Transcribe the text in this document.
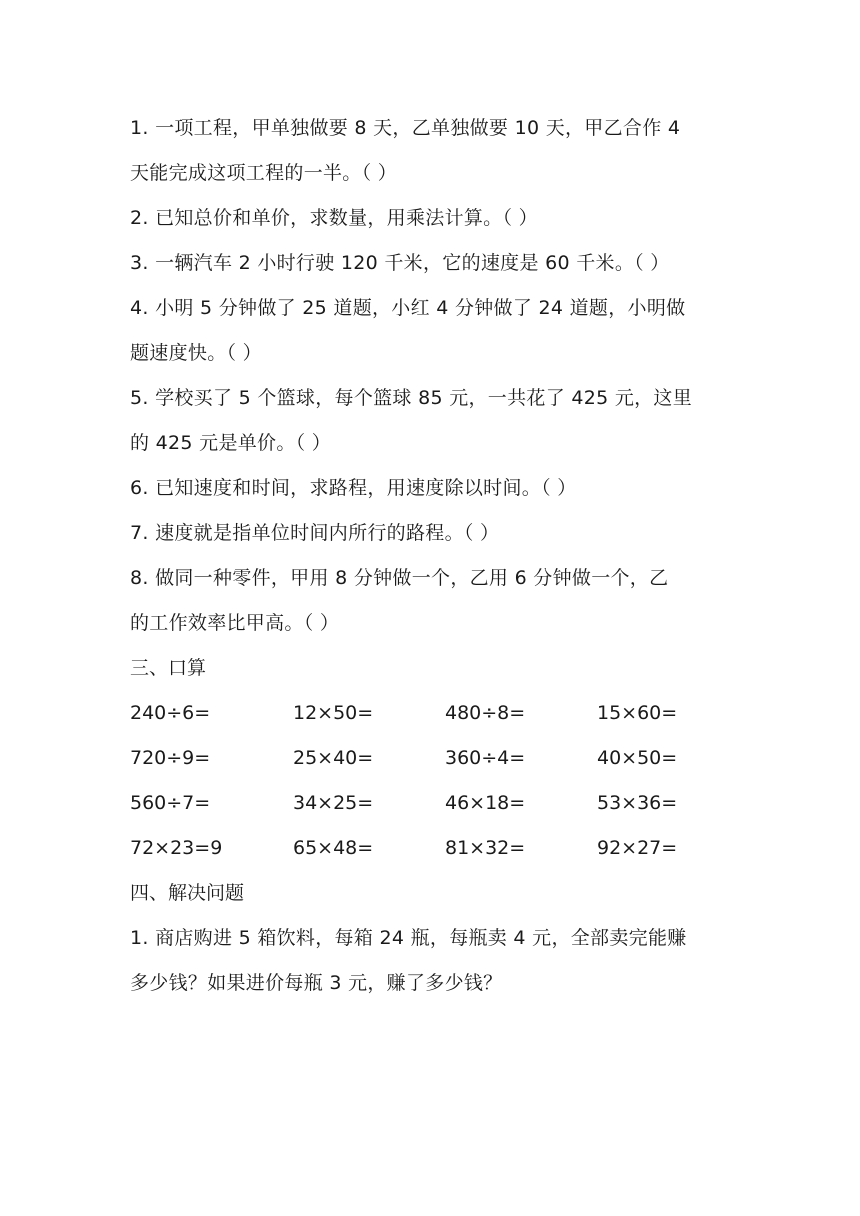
1. 一项工程，甲单独做要 8 天，乙单独做要 10 天，甲乙合作 4
天能完成这项工程的一半。（ ）
2. 已知总价和单价，求数量，用乘法计算。（ ）
3. 一辆汽车 2 小时行驶 120 千米，它的速度是 60 千米。（ ）
4. 小明 5 分钟做了 25 道题，小红 4 分钟做了 24 道题，小明做
题速度快。（ ）
5. 学校买了 5 个篮球，每个篮球 85 元，一共花了 425 元，这里
的 425 元是单价。（ ）
6. 已知速度和时间，求路程，用速度除以时间。（ ）
7. 速度就是指单位时间内所行的路程。（ ）
8. 做同一种零件，甲用 8 分钟做一个，乙用 6 分钟做一个，乙
的工作效率比甲高。（ ）
三、口算
240÷6=	12×50=	480÷8=	15×60=
720÷9=	25×40=	360÷4=	40×50=
560÷7=	34×25=	46×18=	53×36=
72×23=9	65×48=	81×32=	92×27=
四、解决问题
1. 商店购进 5 箱饮料，每箱 24 瓶，每瓶卖 4 元，全部卖完能赚
多少钱？如果进价每瓶 3 元，赚了多少钱？
